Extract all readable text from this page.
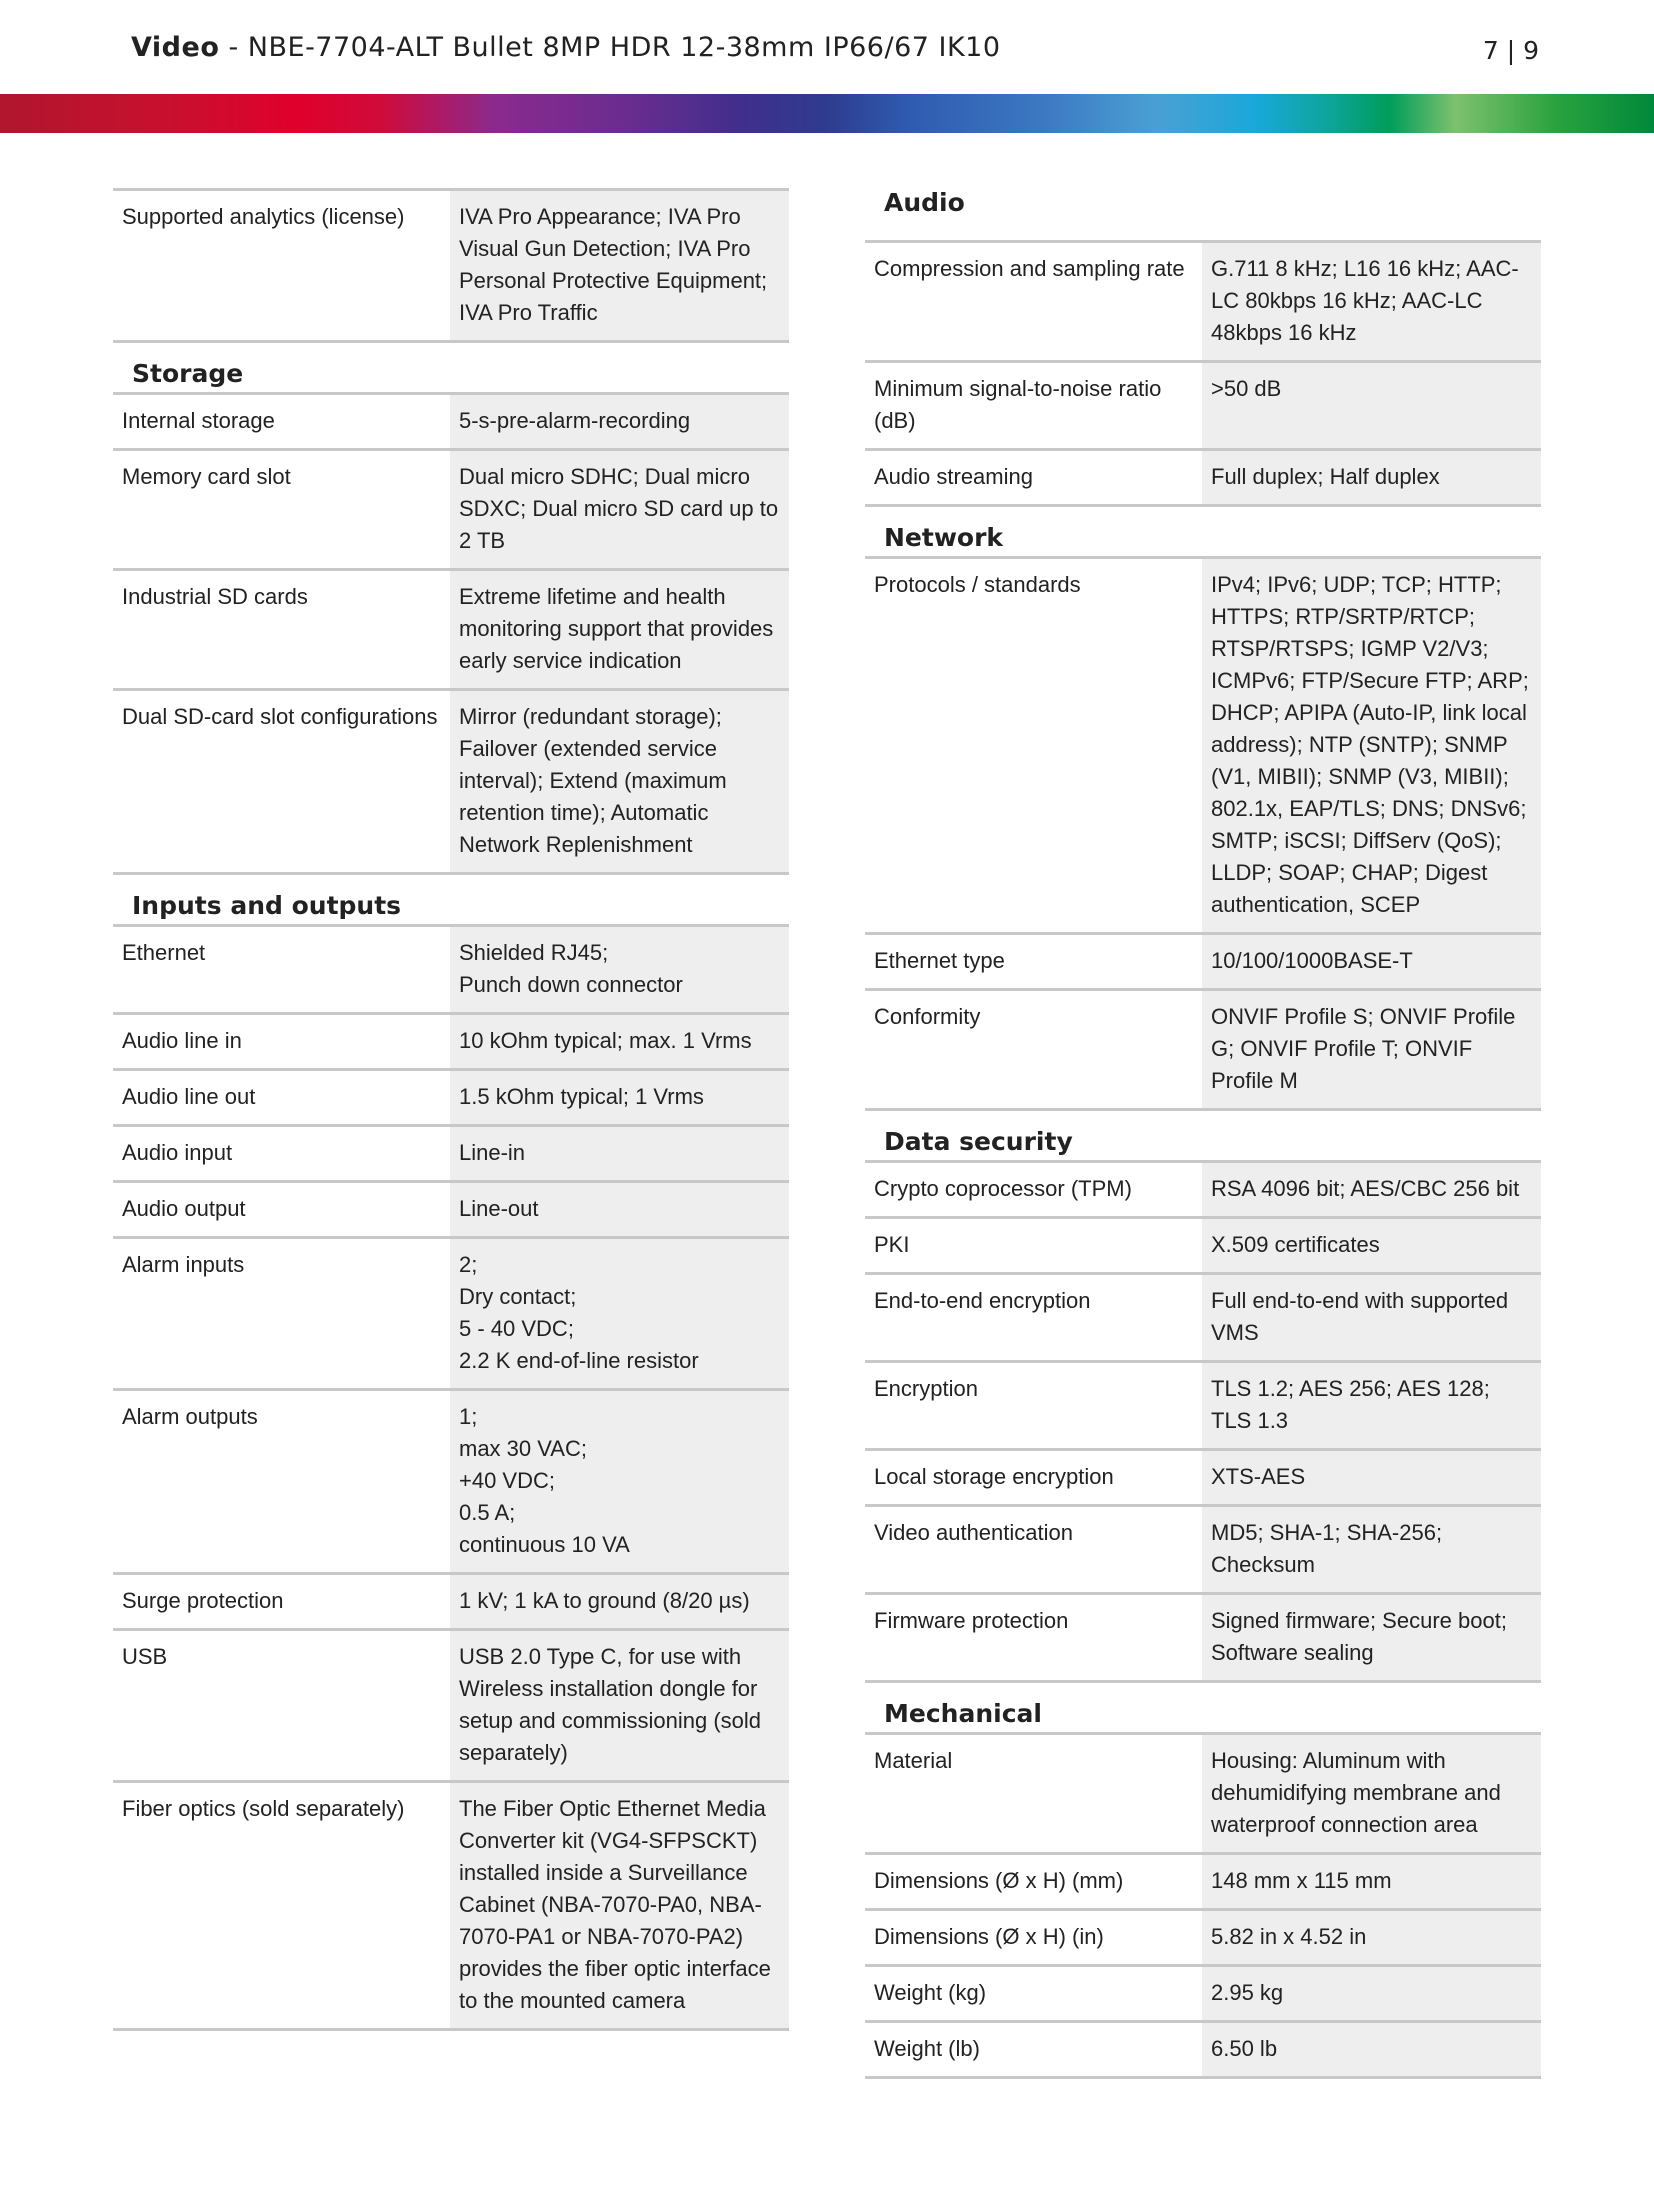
Video - NBE-7704-ALT Bullet 8MP HDR 12-38mm IP66/67 IK10	7 | 9
Supported analytics (license)	IVA Pro Appearance; IVA Pro Visual Gun Detection; IVA Pro Personal Protective Equipment; IVA Pro Traffic
Storage
Internal storage	5-s-pre-alarm-recording
Memory card slot	Dual micro SDHC; Dual micro SDXC; Dual micro SD card up to 2 TB
Industrial SD cards	Extreme lifetime and health monitoring support that provides early service indication
Dual SD-card slot configurations	Mirror (redundant storage); Failover (extended service interval); Extend (maximum retention time); Automatic Network Replenishment
Inputs and outputs
Ethernet	Shielded RJ45;
Punch down connector
Audio line in	10 kOhm typical; max. 1 Vrms
Audio line out	1.5 kOhm typical; 1 Vrms
Audio input	Line-in
Audio output	Line-out
Alarm inputs	2;
Dry contact;
5 - 40 VDC;
2.2 K end-of-line resistor
Alarm outputs	1;
max 30 VAC;
+40 VDC;
0.5 A;
continuous 10 VA
Surge protection	1 kV; 1 kA to ground (8/20 µs)
USB	USB 2.0 Type C, for use with Wireless installation dongle for setup and commissioning (sold separately)
Fiber optics (sold separately)	The Fiber Optic Ethernet Media Converter kit (VG4-SFPSCKT) installed inside a Surveillance Cabinet (NBA-7070-PA0, NBA-7070-PA1 or NBA-7070-PA2) provides the fiber optic interface to the mounted camera
Audio
Compression and sampling rate	G.711 8 kHz; L16 16 kHz; AAC-LC 80kbps 16 kHz; AAC-LC 48kbps 16 kHz
Minimum signal-to-noise ratio (dB)	>50 dB
Audio streaming	Full duplex; Half duplex
Network
Protocols / standards	IPv4; IPv6; UDP; TCP; HTTP; HTTPS; RTP/SRTP/RTCP; RTSP/RTSPS; IGMP V2/V3; ICMPv6; FTP/Secure FTP; ARP; DHCP; APIPA (Auto-IP, link local address); NTP (SNTP); SNMP (V1, MIBII); SNMP (V3, MIBII); 802.1x, EAP/TLS; DNS; DNSv6; SMTP; iSCSI; DiffServ (QoS); LLDP; SOAP; CHAP; Digest authentication, SCEP
Ethernet type	10/100/1000BASE-T
Conformity	ONVIF Profile S; ONVIF Profile G; ONVIF Profile T; ONVIF Profile M
Data security
Crypto coprocessor (TPM)	RSA 4096 bit; AES/CBC 256 bit
PKI	X.509 certificates
End-to-end encryption	Full end-to-end with supported VMS
Encryption	TLS 1.2; AES 256; AES 128; TLS 1.3
Local storage encryption	XTS-AES
Video authentication	MD5; SHA-1; SHA-256; Checksum
Firmware protection	Signed firmware; Secure boot; Software sealing
Mechanical
Material	Housing: Aluminum with dehumidifying membrane and waterproof connection area
Dimensions (Ø x H) (mm)	148 mm x 115 mm
Dimensions (Ø x H) (in)	5.82 in x 4.52 in
Weight (kg)	2.95 kg
Weight (lb)	6.50 lb
